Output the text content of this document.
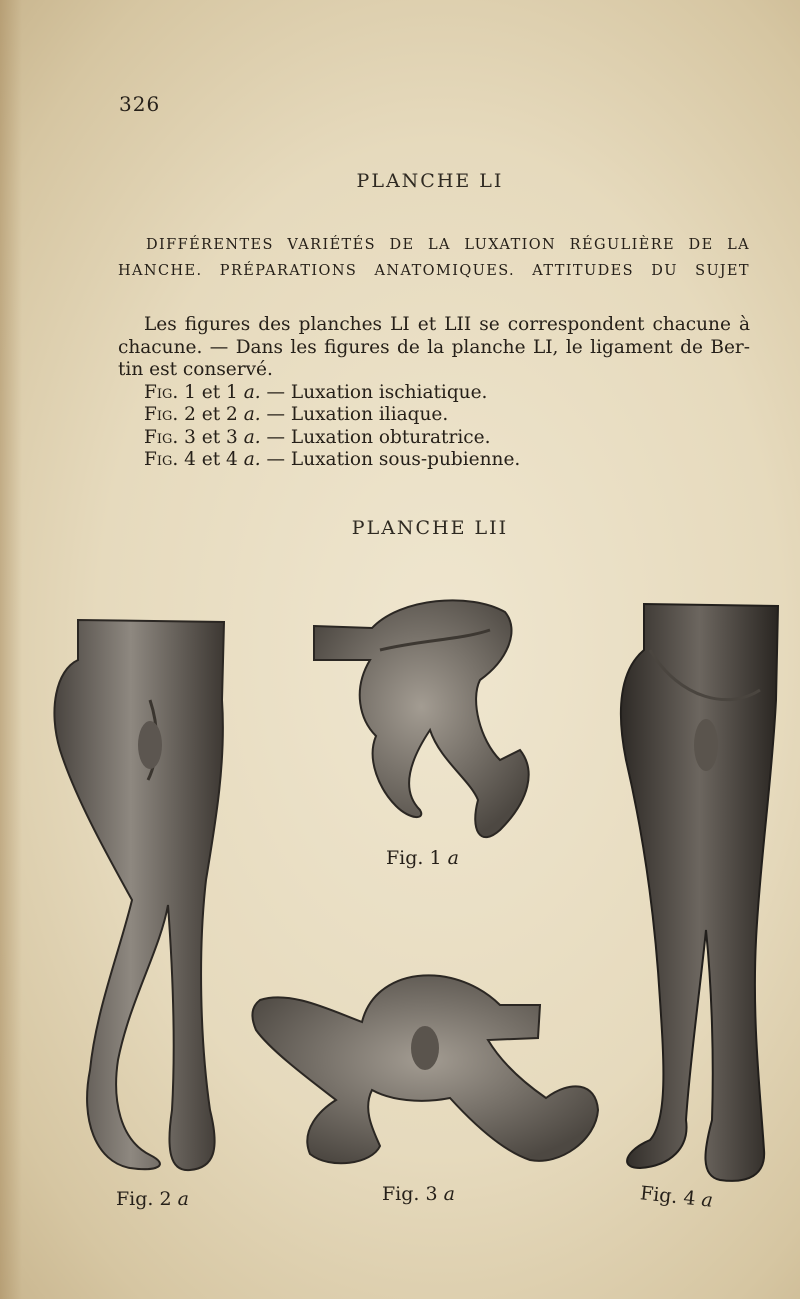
326
PLANCHE LI
DIFFÉRENTES VARIÉTÉS DE LA LUXATION RÉGULIÈRE DE LA
HANCHE. PRÉPARATIONS ANATOMIQUES. ATTITUDES DU SUJET
Les figures des planches LI et LII se correspondent chacune à
chacune. — Dans les figures de la planche LI, le ligament de Ber-
tin est conservé.
Fig. 1 et 1 a. — Luxation ischiatique.
Fig. 2 et 2 a. — Luxation iliaque.
Fig. 3 et 3 a. — Luxation obturatrice.
Fig. 4 et 4 a. — Luxation sous-pubienne.
PLANCHE LII
Fig. 1 a
Fig. 2 a	Fig. 3 a	Fig. 4 a
